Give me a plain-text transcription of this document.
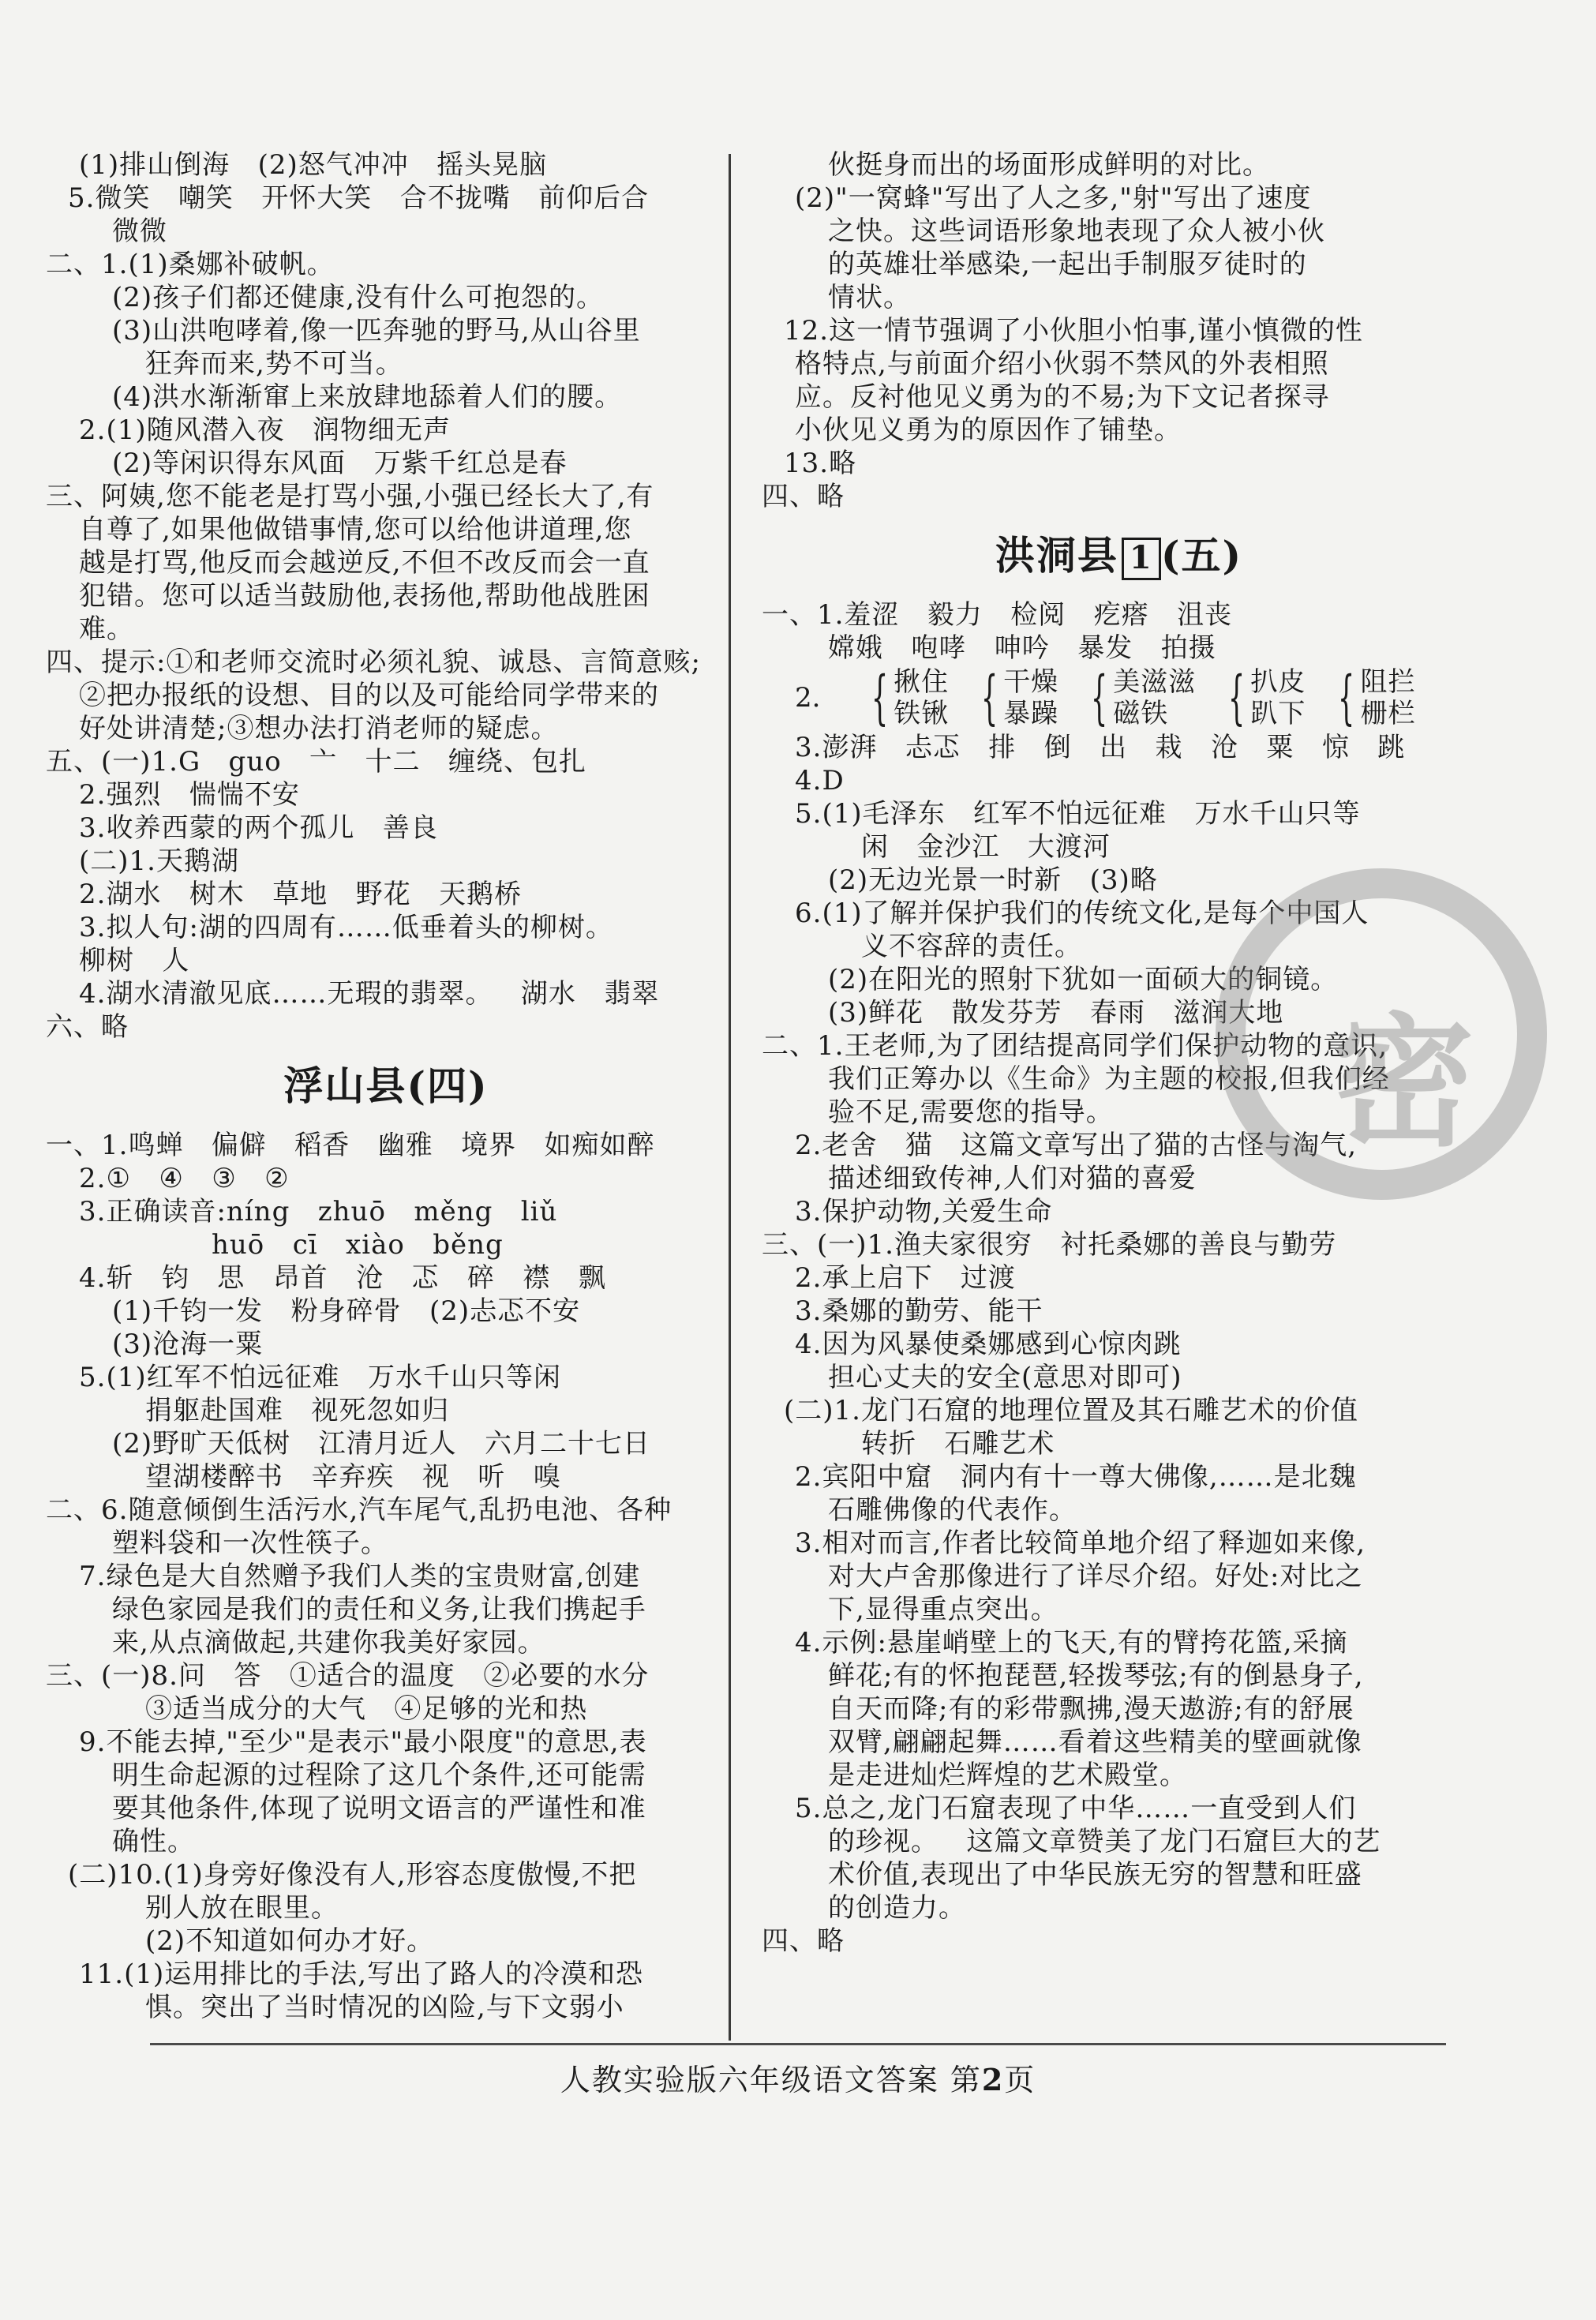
(1)排山倒海   (2)怒气冲冲   摇头晃脑
5.微笑   嘲笑   开怀大笑   合不拢嘴   前仰后合
微微
二、1.(1)桑娜补破帆。
(2)孩子们都还健康,没有什么可抱怨的。
(3)山洪咆哮着,像一匹奔驰的野马,从山谷里
狂奔而来,势不可当。
(4)洪水渐渐窜上来放肆地舔着人们的腰。
2.(1)随风潜入夜   润物细无声
(2)等闲识得东风面   万紫千红总是春
三、阿姨,您不能老是打骂小强,小强已经长大了,有
自尊了,如果他做错事情,您可以给他讲道理,您
越是打骂,他反而会越逆反,不但不改反而会一直
犯错。您可以适当鼓励他,表扬他,帮助他战胜困
难。
四、提示:①和老师交流时必须礼貌、诚恳、言简意赅;
②把办报纸的设想、目的以及可能给同学带来的
好处讲清楚;③想办法打消老师的疑虑。
五、(一)1.G   guo   亠   十二   缠绕、包扎
2.强烈   惴惴不安
3.收养西蒙的两个孤儿   善良
(二)1.天鹅湖
2.湖水   树木   草地   野花   天鹅桥
3.拟人句:湖的四周有……低垂着头的柳树。
柳树   人
4.湖水清澈见底……无瑕的翡翠。   湖水   翡翠
六、略
浮山县(四)
一、1.鸣蝉   偏僻   稻香   幽雅   境界   如痴如醉
2.①   ④   ③   ②
3.正确读音:níng   zhuō   měng   liǔ
huō   cī   xiào   běng
4.斩   钧   思   昂首   沧   忑   碎   襟   飘
(1)千钧一发   粉身碎骨   (2)忐忑不安
(3)沧海一粟
5.(1)红军不怕远征难   万水千山只等闲
捐躯赴国难   视死忽如归
(2)野旷天低树   江清月近人   六月二十七日
望湖楼醉书   辛弃疾   视   听   嗅
二、6.随意倾倒生活污水,汽车尾气,乱扔电池、各种
塑料袋和一次性筷子。
7.绿色是大自然赠予我们人类的宝贵财富,创建
绿色家园是我们的责任和义务,让我们携起手
来,从点滴做起,共建你我美好家园。
三、(一)8.问   答   ①适合的温度   ②必要的水分
③适当成分的大气   ④足够的光和热
9.不能去掉,"至少"是表示"最小限度"的意思,表
明生命起源的过程除了这几个条件,还可能需
要其他条件,体现了说明文语言的严谨性和准
确性。
(二)10.(1)身旁好像没有人,形容态度傲慢,不把
别人放在眼里。
(2)不知道如何办才好。
11.(1)运用排比的手法,写出了路人的冷漠和恐
惧。突出了当时情况的凶险,与下文弱小
伙挺身而出的场面形成鲜明的对比。
(2)"一窝蜂"写出了人之多,"射"写出了速度
之快。这些词语形象地表现了众人被小伙
的英雄壮举感染,一起出手制服歹徒时的
情状。
12.这一情节强调了小伙胆小怕事,谨小慎微的性
格特点,与前面介绍小伙弱不禁风的外表相照
应。反衬他见义勇为的不易;为下文记者探寻
小伙见义勇为的原因作了铺垫。
13.略
四、略
洪洞县 1 (五)
一、1.羞涩   毅力   检阅   疙瘩   沮丧
嫦娥   咆哮   呻吟   暴发   拍摄
2. { 揪住
铁锹 { 干燥
暴躁 { 美滋滋
磁铁	{ 扒皮
趴下 { 阻拦
栅栏
3.澎湃   忐忑   排   倒   出   栽   沧   粟   惊   跳
4.D
5.(1)毛泽东   红军不怕远征难   万水千山只等
闲   金沙江   大渡河
(2)无边光景一时新   (3)略
6.(1)了解并保护我们的传统文化,是每个中国人
义不容辞的责任。
(2)在阳光的照射下犹如一面硕大的铜镜。
(3)鲜花   散发芬芳   春雨   滋润大地
二、1.王老师,为了团结提高同学们保护动物的意识,
我们正筹办以《生命》为主题的校报,但我们经
验不足,需要您的指导。
2.老舍   猫   这篇文章写出了猫的古怪与淘气,
描述细致传神,人们对猫的喜爱
3.保护动物,关爱生命
三、(一)1.渔夫家很穷   衬托桑娜的善良与勤劳
2.承上启下   过渡
3.桑娜的勤劳、能干
4.因为风暴使桑娜感到心惊肉跳
担心丈夫的安全(意思对即可)
(二)1.龙门石窟的地理位置及其石雕艺术的价值
转折   石雕艺术
2.宾阳中窟   洞内有十一尊大佛像,……是北魏
石雕佛像的代表作。
3.相对而言,作者比较简单地介绍了释迦如来像,
对大卢舍那像进行了详尽介绍。好处:对比之
下,显得重点突出。
4.示例:悬崖峭壁上的飞天,有的臂挎花篮,采摘
鲜花;有的怀抱琵琶,轻拨琴弦;有的倒悬身子,
自天而降;有的彩带飘拂,漫天遨游;有的舒展
双臂,翩翩起舞……看着这些精美的壁画就像
是走进灿烂辉煌的艺术殿堂。
5.总之,龙门石窟表现了中华……一直受到人们
的珍视。   这篇文章赞美了龙门石窟巨大的艺
术价值,表现出了中华民族无穷的智慧和旺盛
的创造力。
四、略
人教实验版六年级语文答案 第2页
密
